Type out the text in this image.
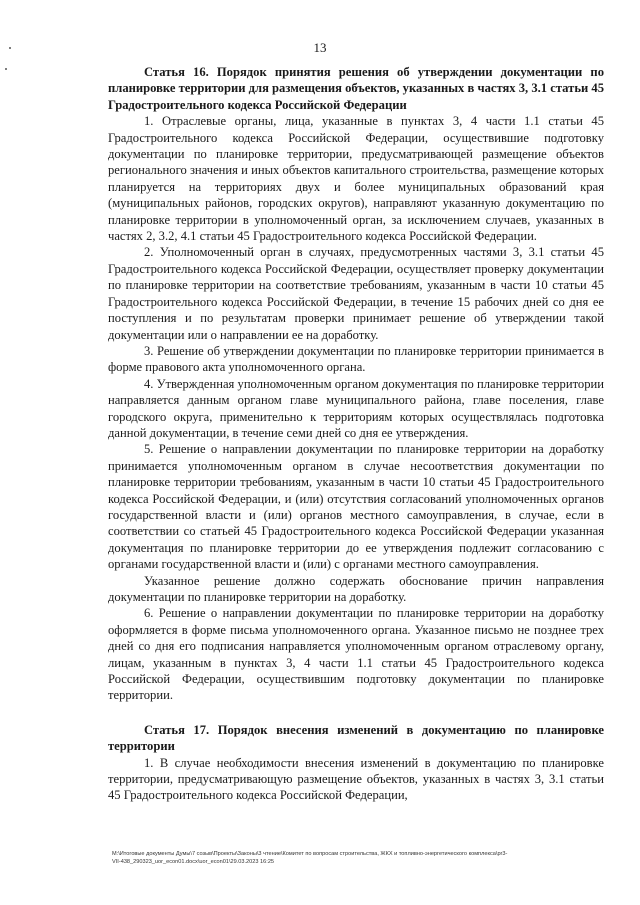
13
Статья 16. Порядок принятия решения об утверждении документации по планировке территории для размещения объектов, указанных в частях 3, 3.1 статьи 45 Градостроительного кодекса Российской Федерации

1. Отраслевые органы, лица, указанные в пунктах 3, 4 части 1.1 статьи 45 Градостроительного кодекса Российской Федерации, осуществившие подготовку документации по планировке территории, предусматривающей размещение объектов регионального значения и иных объектов капитального строительства, размещение которых планируется на территориях двух и более муниципальных образований края (муниципальных районов, городских округов), направляют указанную документацию по планировке территории в уполномоченный орган, за исключением случаев, указанных в частях 2, 3.2, 4.1 статьи 45 Градостроительного кодекса Российской Федерации.

2. Уполномоченный орган в случаях, предусмотренных частями 3, 3.1 статьи 45 Градостроительного кодекса Российской Федерации, осуществляет проверку документации по планировке территории на соответствие требованиям, указанным в части 10 статьи 45 Градостроительного кодекса Российской Федерации, в течение 15 рабочих дней со дня ее поступления и по результатам проверки принимает решение об утверждении такой документации или о направлении ее на доработку.

3. Решение об утверждении документации по планировке территории принимается в форме правового акта уполномоченного органа.

4. Утвержденная уполномоченным органом документация по планировке территории направляется данным органом главе муниципального района, главе поселения, главе городского округа, применительно к территориям которых осуществлялась подготовка данной документации, в течение семи дней со дня ее утверждения.

5. Решение о направлении документации по планировке территории на доработку принимается уполномоченным органом в случае несоответствия документации по планировке территории требованиям, указанным в части 10 статьи 45 Градостроительного кодекса Российской Федерации, и (или) отсутствия согласований уполномоченных органов государственной власти и (или) органов местного самоуправления, в случае, если в соответствии со статьей 45 Градостроительного кодекса Российской Федерации указанная документация по планировке территории до ее утверждения подлежит согласованию с органами государственной власти и (или) с органами местного самоуправления.

Указанное решение должно содержать обоснование причин направления документации по планировке территории на доработку.

6. Решение о направлении документации по планировке территории на доработку оформляется в форме письма уполномоченного органа. Указанное письмо не позднее трех дней со дня его подписания направляется уполномоченным органом отраслевому органу, лицам, указанным в пунктах 3, 4 части 1.1 статьи 45 Градостроительного кодекса Российской Федерации, осуществившим подготовку документации по планировке территории.

Статья 17. Порядок внесения изменений в документацию по планировке территории

1. В случае необходимости внесения изменений в документацию по планировке территории, предусматривающую размещение объектов, указанных в частях 3, 3.1 статьи 45 Градостроительного кодекса Российской Федерации,

M:\Итоговые документы Думы\7 созыв\Проекты\Законы\3 чтение\Комитет по вопросам строительства, ЖКХ и топливно-энергетического комплекса\pr3-
VII-438_290323_uor_econ01.docx\uor_econ01\29.03.2023 16:25
